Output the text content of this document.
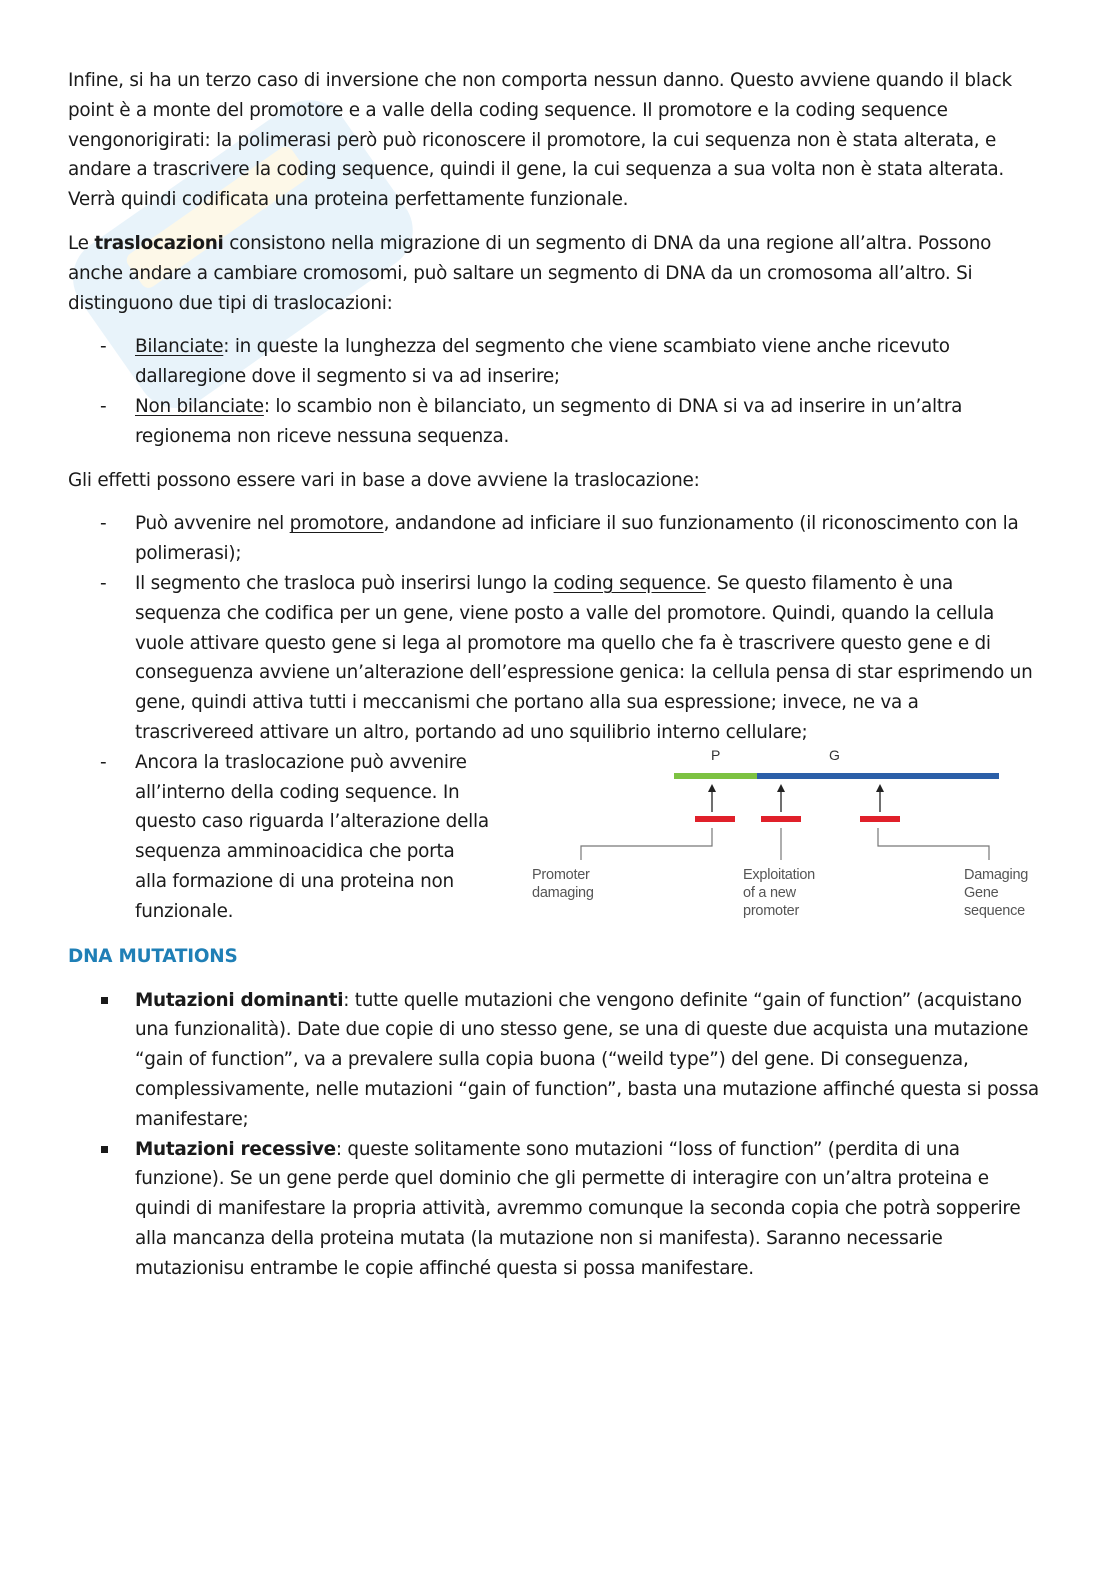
Infine, si ha un terzo caso di inversione che non comporta nessun danno. Questo avviene quando il black point è a monte del promotore e a valle della coding sequence. Il promotore e la coding sequence vengonorigirati: la polimerasi però può riconoscere il promotore, la cui sequenza non è stata alterata, e andare a trascrivere la coding sequence, quindi il gene, la cui sequenza a sua volta non è stata alterata. Verrà quindi codificata una proteina perfettamente funzionale.

Le traslocazioni consistono nella migrazione di un segmento di DNA da una regione all’altra. Possono anche andare a cambiare cromosomi, può saltare un segmento di DNA da un cromosoma all’altro. Si distinguono due tipi di traslocazioni:

- Bilanciate: in queste la lunghezza del segmento che viene scambiato viene anche ricevuto dallaregione dove il segmento si va ad inserire;
- Non bilanciate: lo scambio non è bilanciato, un segmento di DNA si va ad inserire in un’altra regionema non riceve nessuna sequenza.

Gli effetti possono essere vari in base a dove avviene la traslocazione:

- Può avvenire nel promotore, andandone ad inficiare il suo funzionamento (il riconoscimento con la polimerasi);
- Il segmento che trasloca può inserirsi lungo la coding sequence. Se questo filamento è una sequenza che codifica per un gene, viene posto a valle del promotore. Quindi, quando la cellula vuole attivare questo gene si lega al promotore ma quello che fa è trascrivere questo gene e di conseguenza avviene un’alterazione dell’espressione genica: la cellula pensa di star esprimendo un gene, quindi attiva tutti i meccanismi che portano alla sua espressione; invece, ne va a trascrivereed attivare un altro, portando ad uno squilibrio interno cellulare;
- Ancora la traslocazione può avvenire all’interno della coding sequence. In questo caso riguarda l’alterazione della sequenza amminoacidica che porta alla formazione di una proteina non funzionale.
P	G
Promoter damaging
Exploitation of a new promoter
Damaging Gene sequence
DNA MUTATIONS
Mutazioni dominanti: tutte quelle mutazioni che vengono definite “gain of function” (acquistano una funzionalità). Date due copie di uno stesso gene, se una di queste due acquista una mutazione “gain of function”, va a prevalere sulla copia buona (“weild type”) del gene. Di conseguenza, complessivamente, nelle mutazioni “gain of function”, basta una mutazione affinché questa si possa manifestare;
Mutazioni recessive: queste solitamente sono mutazioni “loss of function” (perdita di una funzione). Se un gene perde quel dominio che gli permette di interagire con un’altra proteina e quindi di manifestare la propria attività, avremmo comunque la seconda copia che potrà sopperire alla mancanza della proteina mutata (la mutazione non si manifesta). Saranno necessarie mutazionisu entrambe le copie affinché questa si possa manifestare.
